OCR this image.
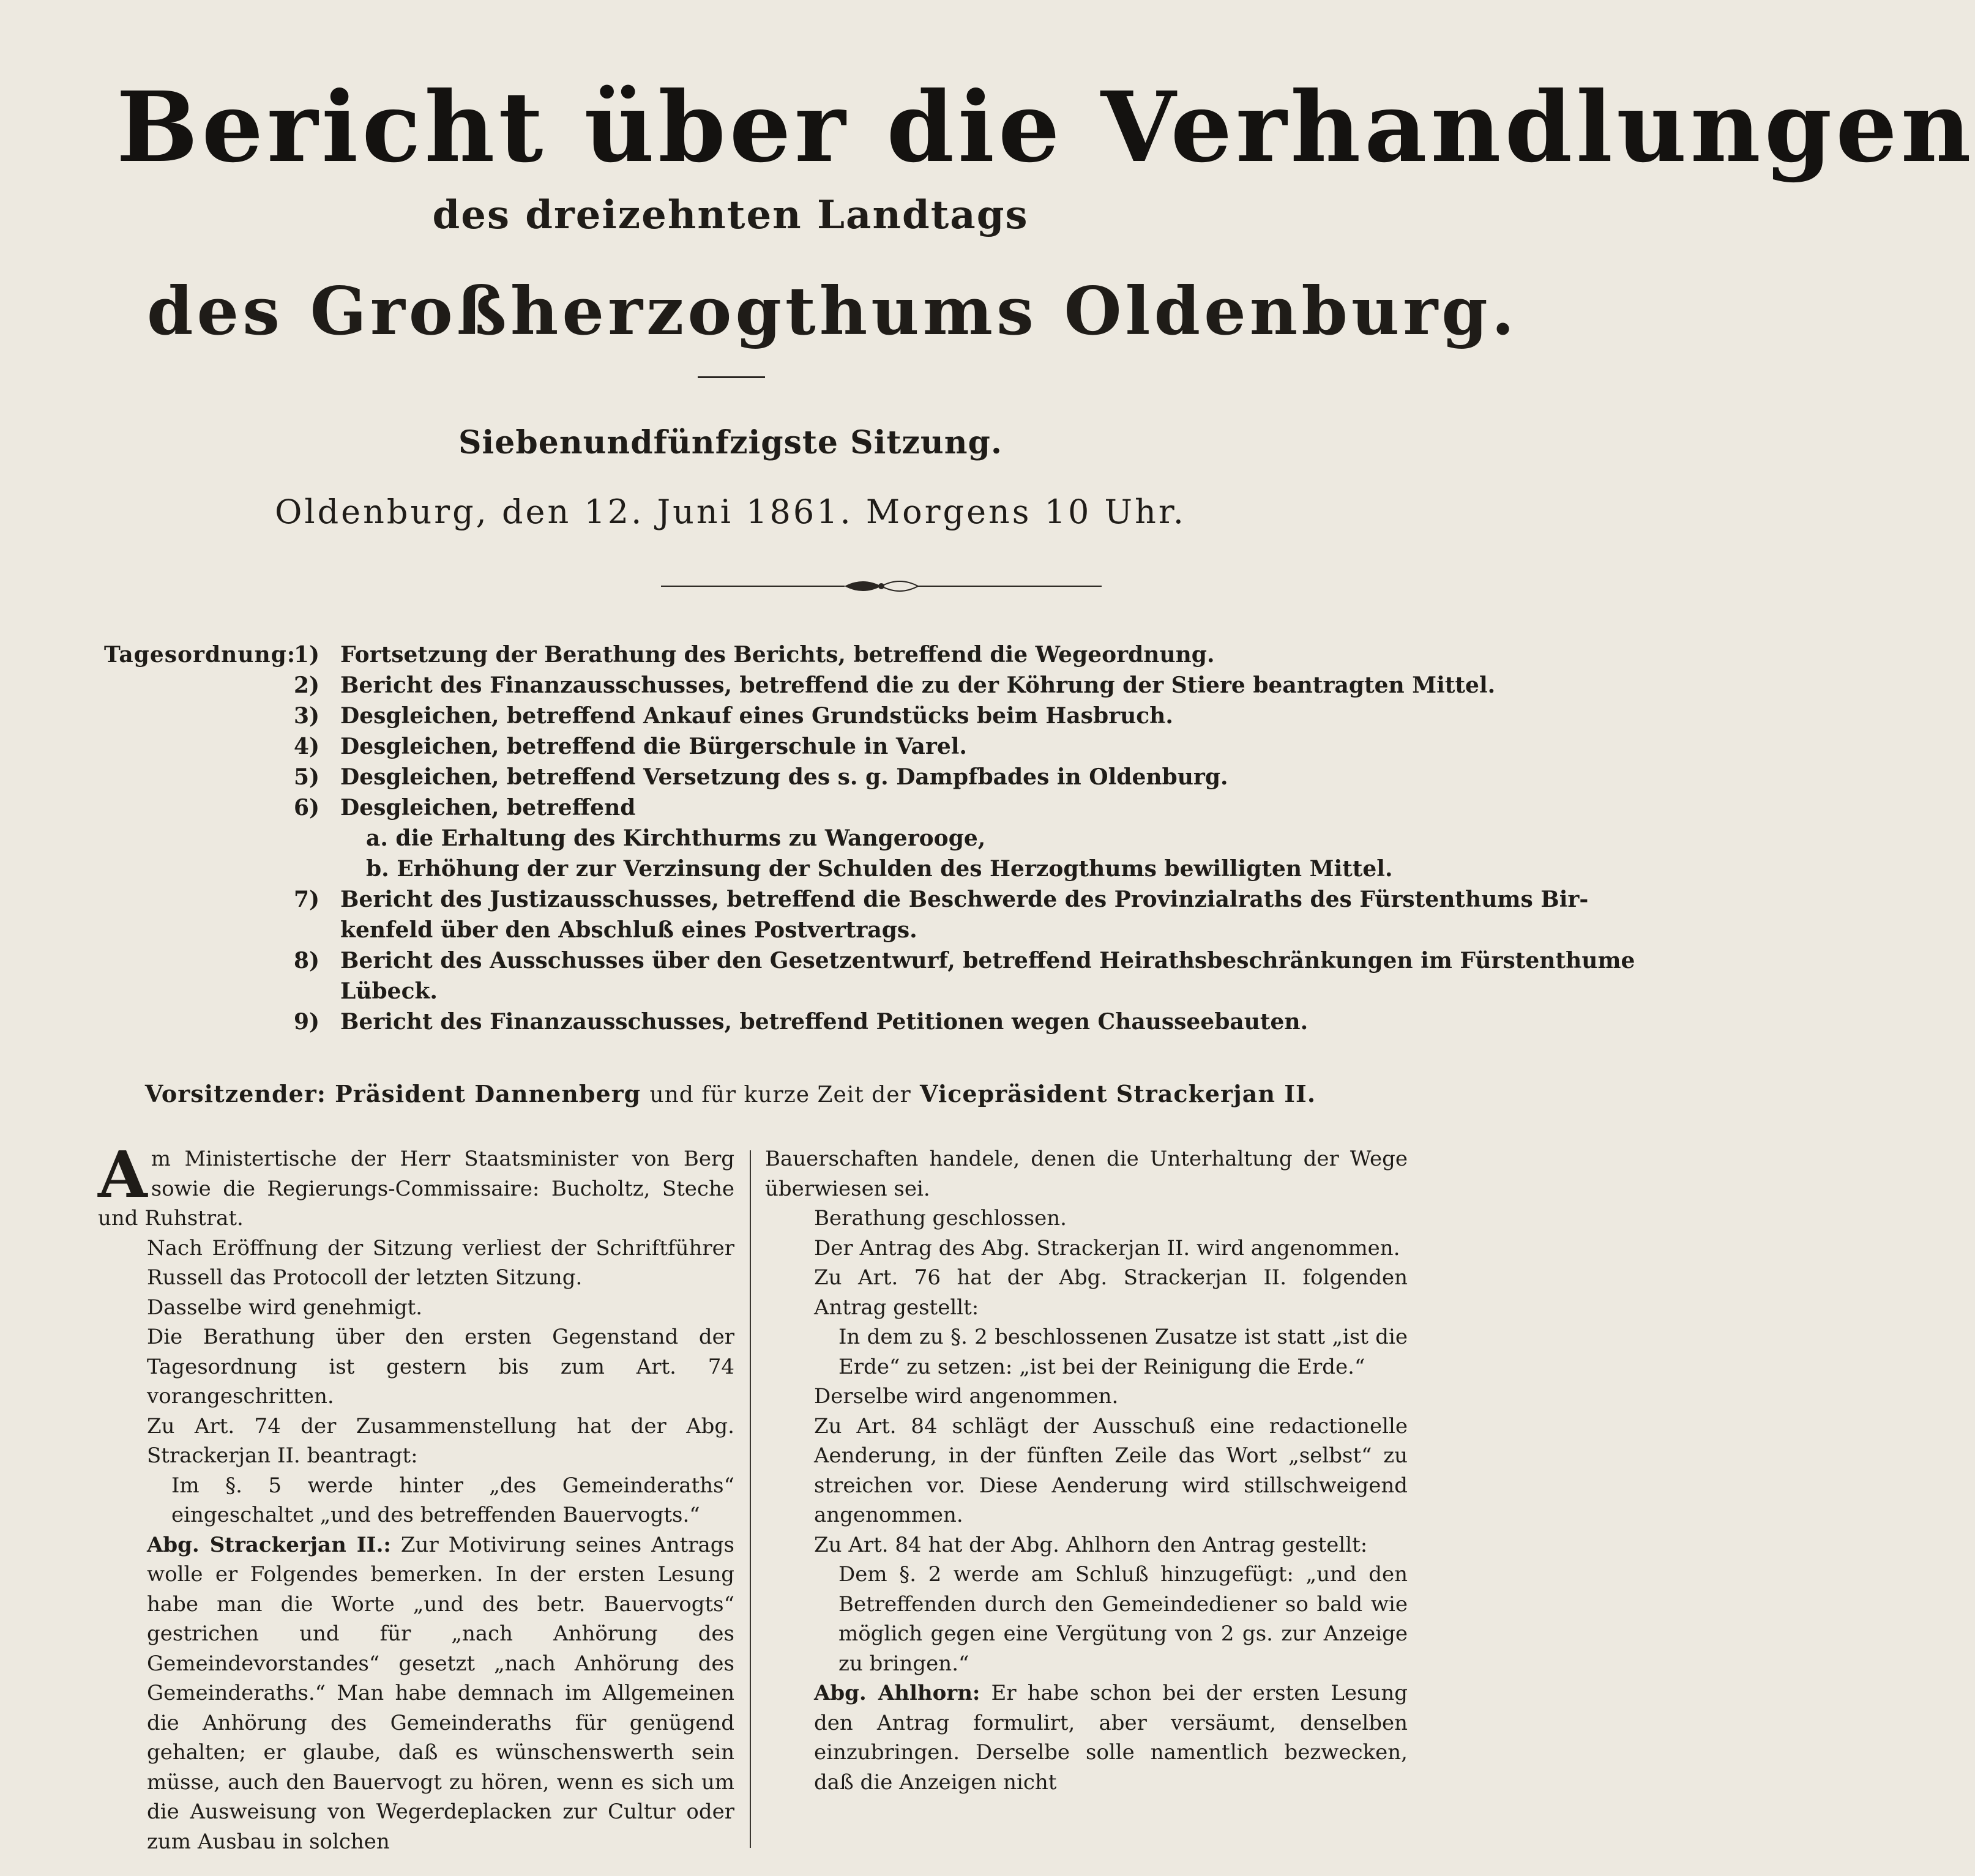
Bericht über die Verhandlungen
des dreizehnten Landtags
des Großherzogthums Oldenburg.
Siebenundfünfzigste Sitzung.
Oldenburg, den 12. Juni 1861. Morgens 10 Uhr.
Tagesordnung:
1) Fortsetzung der Berathung des Berichts, betreffend die Wegeordnung.
2) Bericht des Finanzausschusses, betreffend die zu der Köhrung der Stiere beantragten Mittel.
3) Desgleichen, betreffend Ankauf eines Grundstücks beim Hasbruch.
4) Desgleichen, betreffend die Bürgerschule in Varel.
5) Desgleichen, betreffend Versetzung des s. g. Dampfbades in Oldenburg.
6) Desgleichen, betreffend
a. die Erhaltung des Kirchthurms zu Wangerooge,
b. Erhöhung der zur Verzinsung der Schulden des Herzogthums bewilligten Mittel.
7) Bericht des Justizausschusses, betreffend die Beschwerde des Provinzialraths des Fürstenthums Bir-
kenfeld über den Abschluß eines Postvertrags.
8) Bericht des Ausschusses über den Gesetzentwurf, betreffend Heirathsbeschränkungen im Fürstenthume
Lübeck.
9) Bericht des Finanzausschusses, betreffend Petitionen wegen Chausseebauten.
Vorsitzender: Präsident Dannenberg und für kurze Zeit der Vicepräsident Strackerjan II.

Am Ministertische der Herr Staatsminister von Berg sowie die Regierungs-Commissaire: Bucholtz, Steche und Ruhstrat.

Nach Eröffnung der Sitzung verliest der Schriftführer Russell das Protocoll der letzten Sitzung.

Dasselbe wird genehmigt.

Die Berathung über den ersten Gegenstand der Tagesordnung ist gestern bis zum Art. 74 vorangeschritten.

Zu Art. 74 der Zusammenstellung hat der Abg. Strackerjan II. beantragt:

Im §. 5 werde hinter „des Gemeinderaths“ eingeschaltet „und des betreffenden Bauervogts.“

Abg. Strackerjan II.: Zur Motivirung seines Antrags wolle er Folgendes bemerken. In der ersten Lesung habe man die Worte „und des betr. Bauervogts“ gestrichen und für „nach Anhörung des Gemeindevorstandes“ gesetzt „nach Anhörung des Gemeinderaths.“ Man habe demnach im Allgemeinen die Anhörung des Gemeinderaths für genügend gehalten; er glaube, daß es wünschenswerth sein müsse, auch den Bauervogt zu hören, wenn es sich um die Ausweisung von Wegerdeplacken zur Cultur oder zum Ausbau in solchen

Bauerschaften handele, denen die Unterhaltung der Wege überwiesen sei.

Berathung geschlossen.

Der Antrag des Abg. Strackerjan II. wird angenommen.

Zu Art. 76 hat der Abg. Strackerjan II. folgenden Antrag gestellt:

In dem zu §. 2 beschlossenen Zusatze ist statt „ist die Erde“ zu setzen: „ist bei der Reinigung die Erde.“

Derselbe wird angenommen.

Zu Art. 84 schlägt der Ausschuß eine redactionelle Aenderung, in der fünften Zeile das Wort „selbst“ zu streichen vor. Diese Aenderung wird stillschweigend angenommen.

Zu Art. 84 hat der Abg. Ahlhorn den Antrag gestellt:

Dem §. 2 werde am Schluß hinzugefügt: „und den Betreffenden durch den Gemeindediener so bald wie möglich gegen eine Vergütung von 2 gs. zur Anzeige zu bringen.“

Abg. Ahlhorn: Er habe schon bei der ersten Lesung den Antrag formulirt, aber versäumt, denselben einzubringen. Derselbe solle namentlich bezwecken, daß die Anzeigen nicht
